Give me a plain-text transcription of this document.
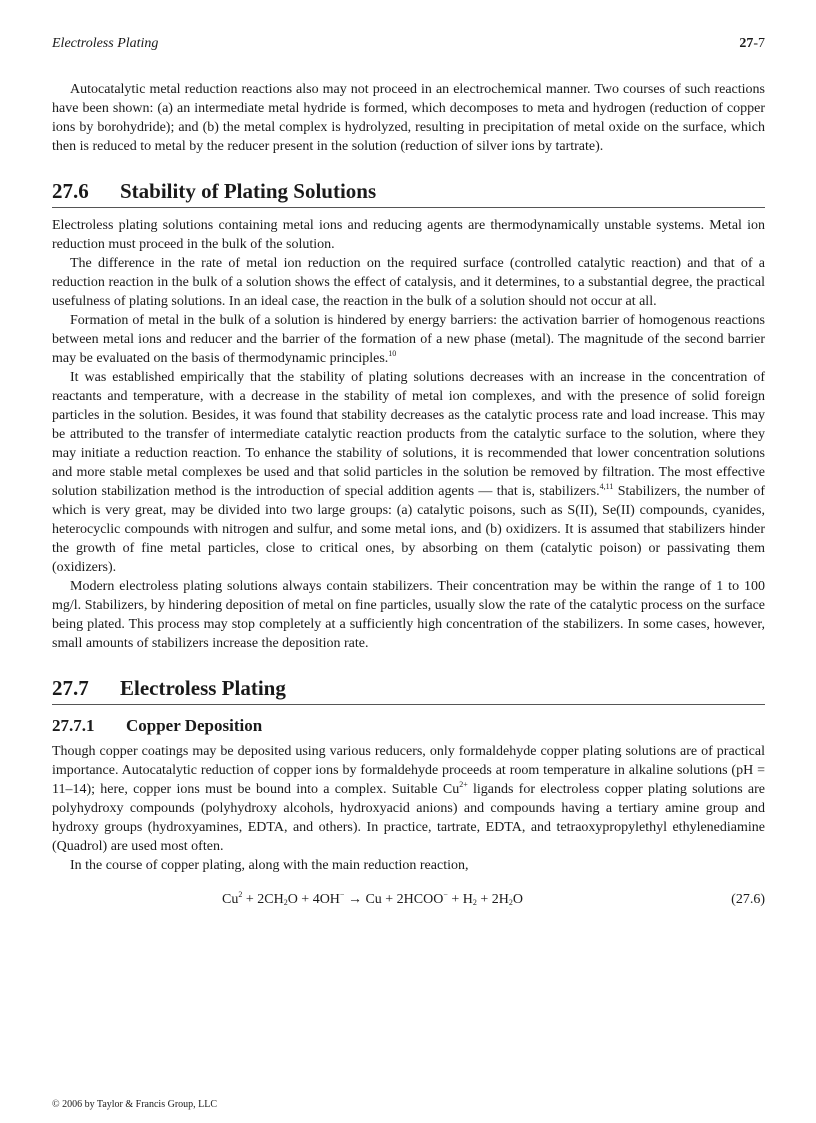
Electroless Plating	27-7

Autocatalytic metal reduction reactions also may not proceed in an electrochemical manner. Two courses of such reactions have been shown: (a) an intermediate metal hydride is formed, which decomposes to meta and hydrogen (reduction of copper ions by borohydride); and (b) the metal complex is hydrolyzed, resulting in precipitation of metal oxide on the surface, which then is reduced to metal by the reducer present in the solution (reduction of silver ions by tartrate).

27.6 Stability of Plating Solutions

Electroless plating solutions containing metal ions and reducing agents are thermodynamically unstable systems. Metal ion reduction must proceed in the bulk of the solution.

The difference in the rate of metal ion reduction on the required surface (controlled catalytic reaction) and that of a reduction reaction in the bulk of a solution shows the effect of catalysis, and it determines, to a substantial degree, the practical usefulness of plating solutions. In an ideal case, the reaction in the bulk of a solution should not occur at all.

Formation of metal in the bulk of a solution is hindered by energy barriers: the activation barrier of homogenous reactions between metal ions and reducer and the barrier of the formation of a new phase (metal). The magnitude of the second barrier may be evaluated on the basis of thermodynamic principles.$^{10}$

It was established empirically that the stability of plating solutions decreases with an increase in the concentration of reactants and temperature, with a decrease in the stability of metal ion complexes, and with the presence of solid foreign particles in the solution. Besides, it was found that stability decreases as the catalytic process rate and load increase. This may be attributed to the transfer of intermediate catalytic reaction products from the catalytic surface to the solution, where they may initiate a reduction reaction. To enhance the stability of solutions, it is recommended that lower concentration solutions and more stable metal complexes be used and that solid particles in the solution be removed by filtration. The most effective solution stabilization method is the introduction of special addition agents — that is, stabilizers.$^{4,11}$ Stabilizers, the number of which is very great, may be divided into two large groups: (a) catalytic poisons, such as S(II), Se(II) compounds, cyanides, heterocyclic compounds with nitrogen and sulfur, and some metal ions, and (b) oxidizers. It is assumed that stabilizers hinder the growth of fine metal particles, close to critical ones, by absorbing on them (catalytic poison) or passivating them (oxidizers).

Modern electroless plating solutions always contain stabilizers. Their concentration may be within the range of 1 to 100 mg/l. Stabilizers, by hindering deposition of metal on fine particles, usually slow the rate of the catalytic process on the surface being plated. This process may stop completely at a sufficiently high concentration of the stabilizers. In some cases, however, small amounts of stabilizers increase the deposition rate.

27.7 Electroless Plating
27.7.1 Copper Deposition

Though copper coatings may be deposited using various reducers, only formaldehyde copper plating solutions are of practical importance. Autocatalytic reduction of copper ions by formaldehyde proceeds at room temperature in alkaline solutions (pH = 11–14); here, copper ions must be bound into a complex. Suitable $Cu^{2+}$ ligands for electroless copper plating solutions are polyhydroxy compounds (polyhydroxy alcohols, hydroxyacid anions) and compounds having a tertiary amine group and hydroxy groups (hydroxyamines, EDTA, and others). In practice, tartrate, EDTA, and tetraoxypropylethyl ethylenediamine (Quadrol) are used most often.

In the course of copper plating, along with the main reduction reaction,

$Cu^2 + 2CH_2O + 4OH^- \to Cu$ + 2HCOO− + $H_2 + 2H_2O$	(27.6)
© 2006 by Taylor & Francis Group, LLC
